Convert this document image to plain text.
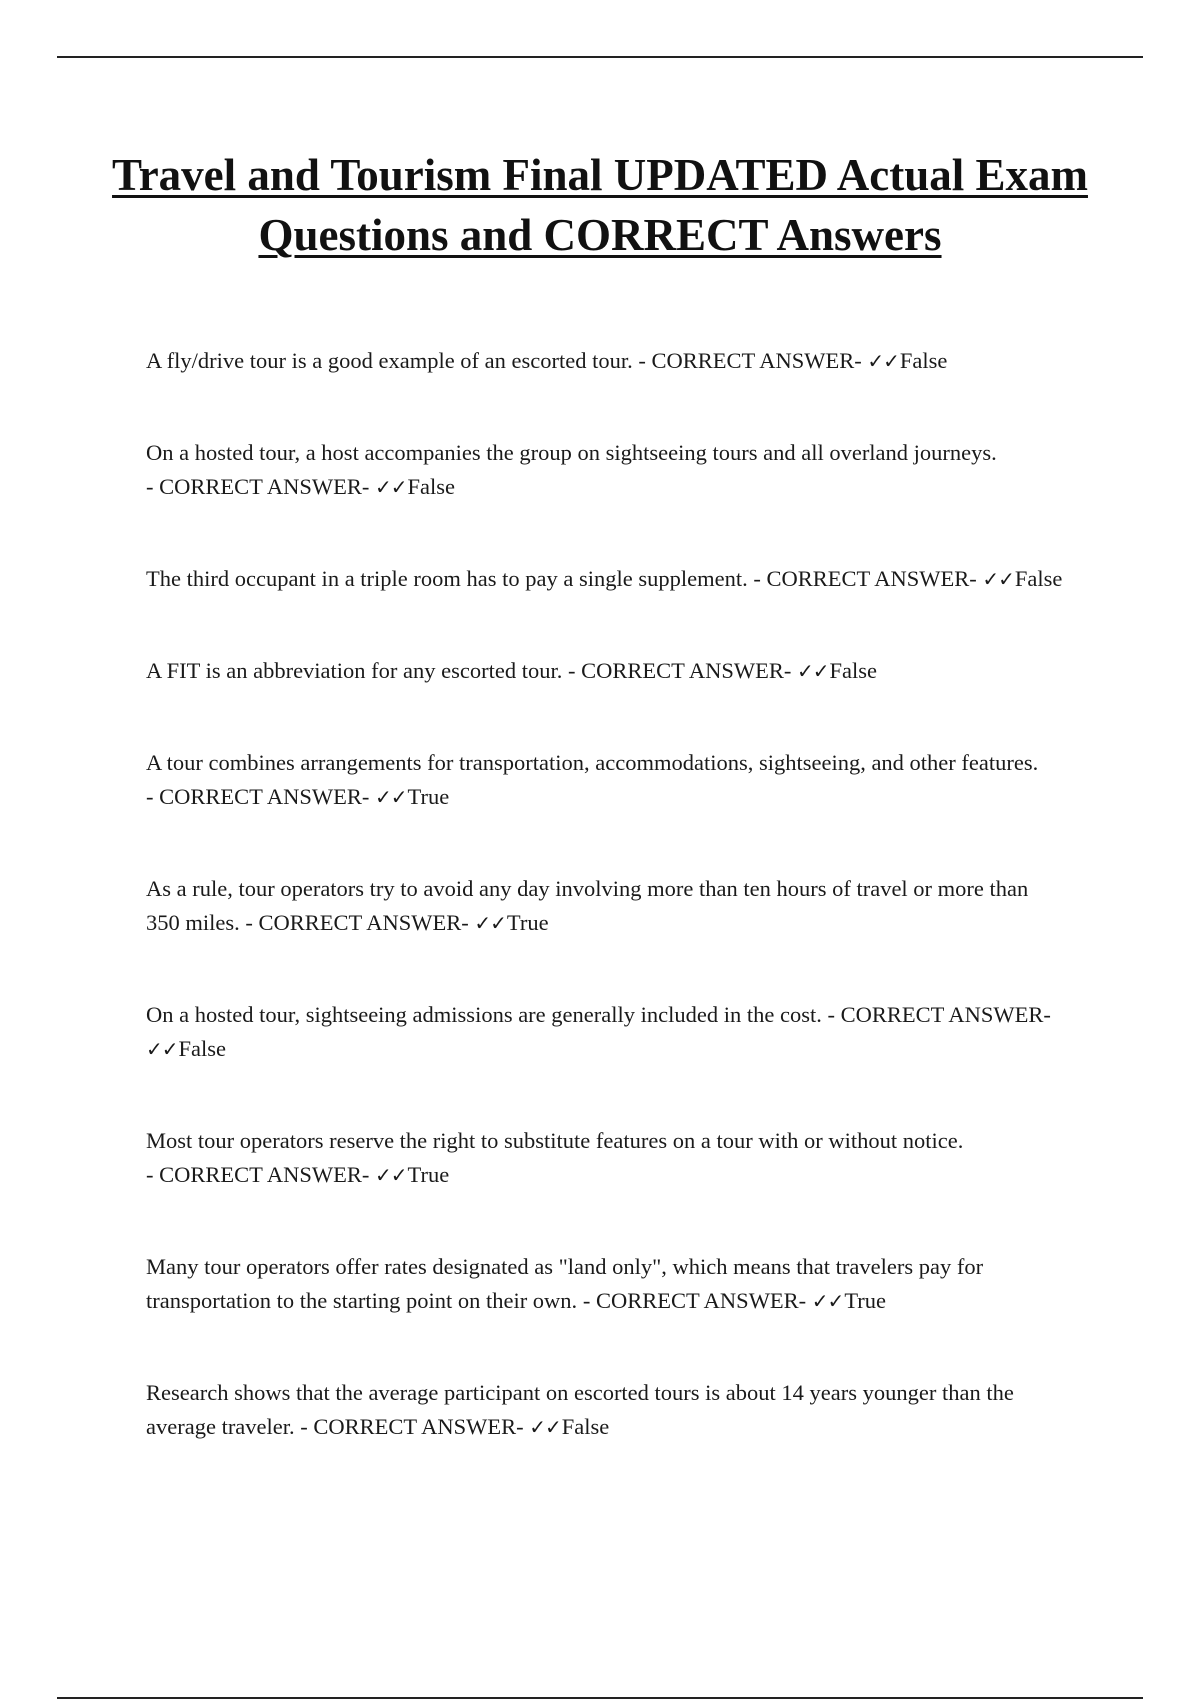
Travel and Tourism Final UPDATED Actual Exam Questions and CORRECT Answers
A fly/drive tour is a good example of an escorted tour. - CORRECT ANSWER- ✓✓False
On a hosted tour, a host accompanies the group on sightseeing tours and all overland journeys. - CORRECT ANSWER- ✓✓False
The third occupant in a triple room has to pay a single supplement. - CORRECT ANSWER- ✓✓False
A FIT is an abbreviation for any escorted tour. - CORRECT ANSWER- ✓✓False
A tour combines arrangements for transportation, accommodations, sightseeing, and other features. - CORRECT ANSWER- ✓✓True
As a rule, tour operators try to avoid any day involving more than ten hours of travel or more than 350 miles. - CORRECT ANSWER- ✓✓True
On a hosted tour, sightseeing admissions are generally included in the cost. - CORRECT ANSWER- ✓✓False
Most tour operators reserve the right to substitute features on a tour with or without notice. - CORRECT ANSWER- ✓✓True
Many tour operators offer rates designated as "land only", which means that travelers pay for transportation to the starting point on their own. - CORRECT ANSWER- ✓✓True
Research shows that the average participant on escorted tours is about 14 years younger than the average traveler. - CORRECT ANSWER- ✓✓False
